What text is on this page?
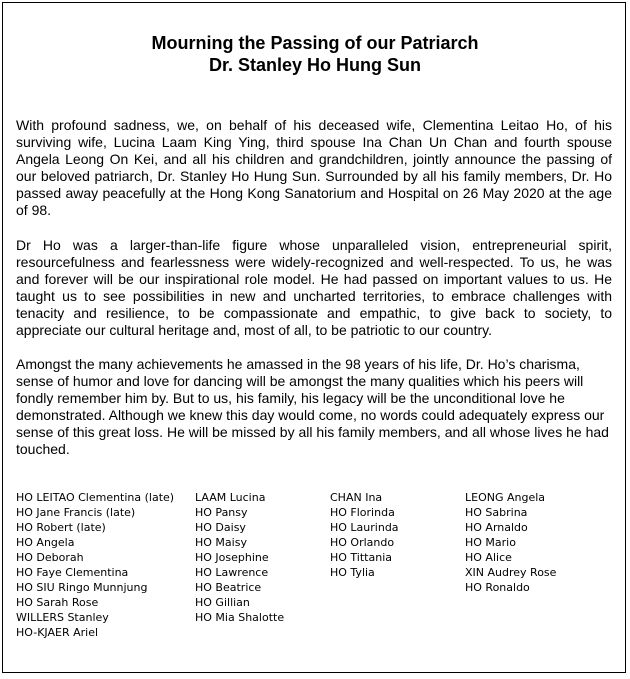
Mourning the Passing of our Patriarch
Dr. Stanley Ho Hung Sun

With profound sadness, we, on behalf of his deceased wife, Clementina Leitao Ho, of his surviving wife, Lucina Laam King Ying, third spouse Ina Chan Un Chan and fourth spouse Angela Leong On Kei, and all his children and grandchildren, jointly announce the passing of our beloved patriarch, Dr. Stanley Ho Hung Sun. Surrounded by all his family members, Dr. Ho passed away peacefully at the Hong Kong Sanatorium and Hospital on 26 May 2020 at the age of 98.

Dr Ho was a larger-than-life figure whose unparalleled vision, entrepreneurial spirit, resourcefulness and fearlessness were widely-recognized and well-respected. To us, he was and forever will be our inspirational role model. He had passed on important values to us. He taught us to see possibilities in new and uncharted territories, to embrace challenges with tenacity and resilience, to be compassionate and empathic, to give back to society, to appreciate our cultural heritage and, most of all, to be patriotic to our country.

Amongst the many achievements he amassed in the 98 years of his life, Dr. Ho’s charisma, sense of humor and love for dancing will be amongst the many qualities which his peers will fondly remember him by. But to us, his family, his legacy will be the unconditional love he demonstrated. Although we knew this day would come, no words could adequately express our sense of this great loss. He will be missed by all his family members, and all whose lives he had touched.

HO LEITAO Clementina (late)
HO Jane Francis (late)
HO Robert (late)
HO Angela
HO Deborah
HO Faye Clementina
HO SIU Ringo Munnjung
HO Sarah Rose
WILLERS Stanley
HO-KJAER Ariel
LAAM Lucina
HO Pansy
HO Daisy
HO Maisy
HO Josephine
HO Lawrence
HO Beatrice
HO Gillian
HO Mia Shalotte
CHAN Ina
HO Florinda
HO Laurinda
HO Orlando
HO Tittania
HO Tylia
LEONG Angela
HO Sabrina
HO Arnaldo
HO Mario
HO Alice
XIN Audrey Rose
HO Ronaldo
